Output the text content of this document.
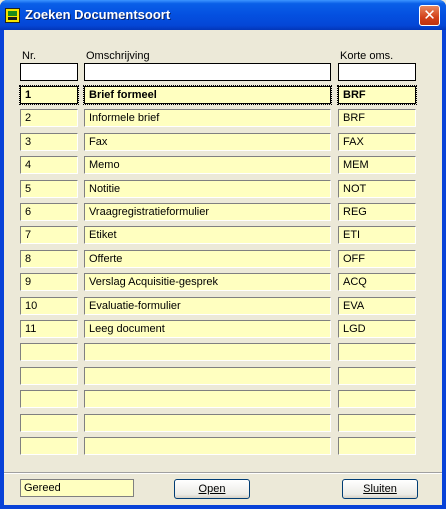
Zoeken Documentsoort	✕
Nr.	Omschrijving	Korte oms.
Gereed	Open	Sluiten
1	Brief formeel	BRF
2	Informele brief	BRF
3	Fax	FAX
4	Memo	MEM
5	Notitie	NOT
6	Vraagregistratieformulier	REG
7	Etiket	ETI
8	Offerte	OFF
9	Verslag Acquisitie-gesprek	ACQ
10	Evaluatie-formulier	EVA
11	Leeg document	LGD
